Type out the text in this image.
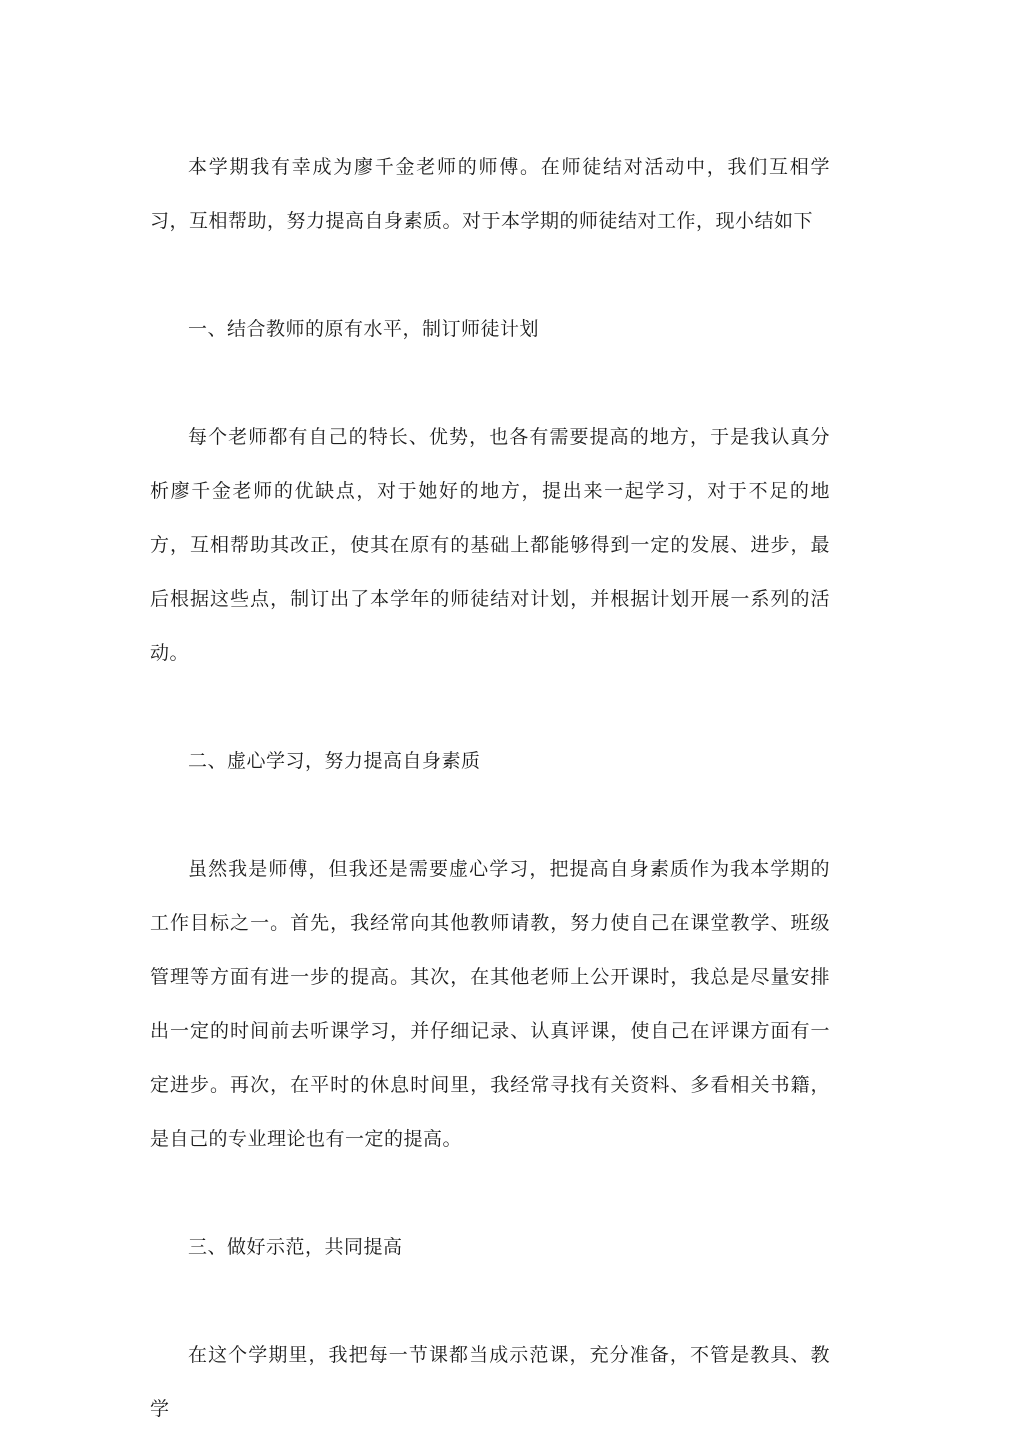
本学期我有幸成为廖千金老师的师傅。在师徒结对活动中，我们互相学习，互相帮助，努力提高自身素质。对于本学期的师徒结对工作，现小结如下

一、结合教师的原有水平，制订师徒计划

每个老师都有自己的特长、优势，也各有需要提高的地方，于是我认真分析廖千金老师的优缺点，对于她好的地方，提出来一起学习，对于不足的地方，互相帮助其改正，使其在原有的基础上都能够得到一定的发展、进步，最后根据这些点，制订出了本学年的师徒结对计划，并根据计划开展一系列的活动。

二、虚心学习，努力提高自身素质

虽然我是师傅，但我还是需要虚心学习，把提高自身素质作为我本学期的工作目标之一。首先，我经常向其他教师请教，努力使自己在课堂教学、班级管理等方面有进一步的提高。其次，在其他老师上公开课时，我总是尽量安排出一定的时间前去听课学习，并仔细记录、认真评课，使自己在评课方面有一定进步。再次，在平时的休息时间里，我经常寻找有关资料、多看相关书籍，是自己的专业理论也有一定的提高。

三、做好示范，共同提高

在这个学期里，我把每一节课都当成示范课，充分准备，不管是教具、教学
